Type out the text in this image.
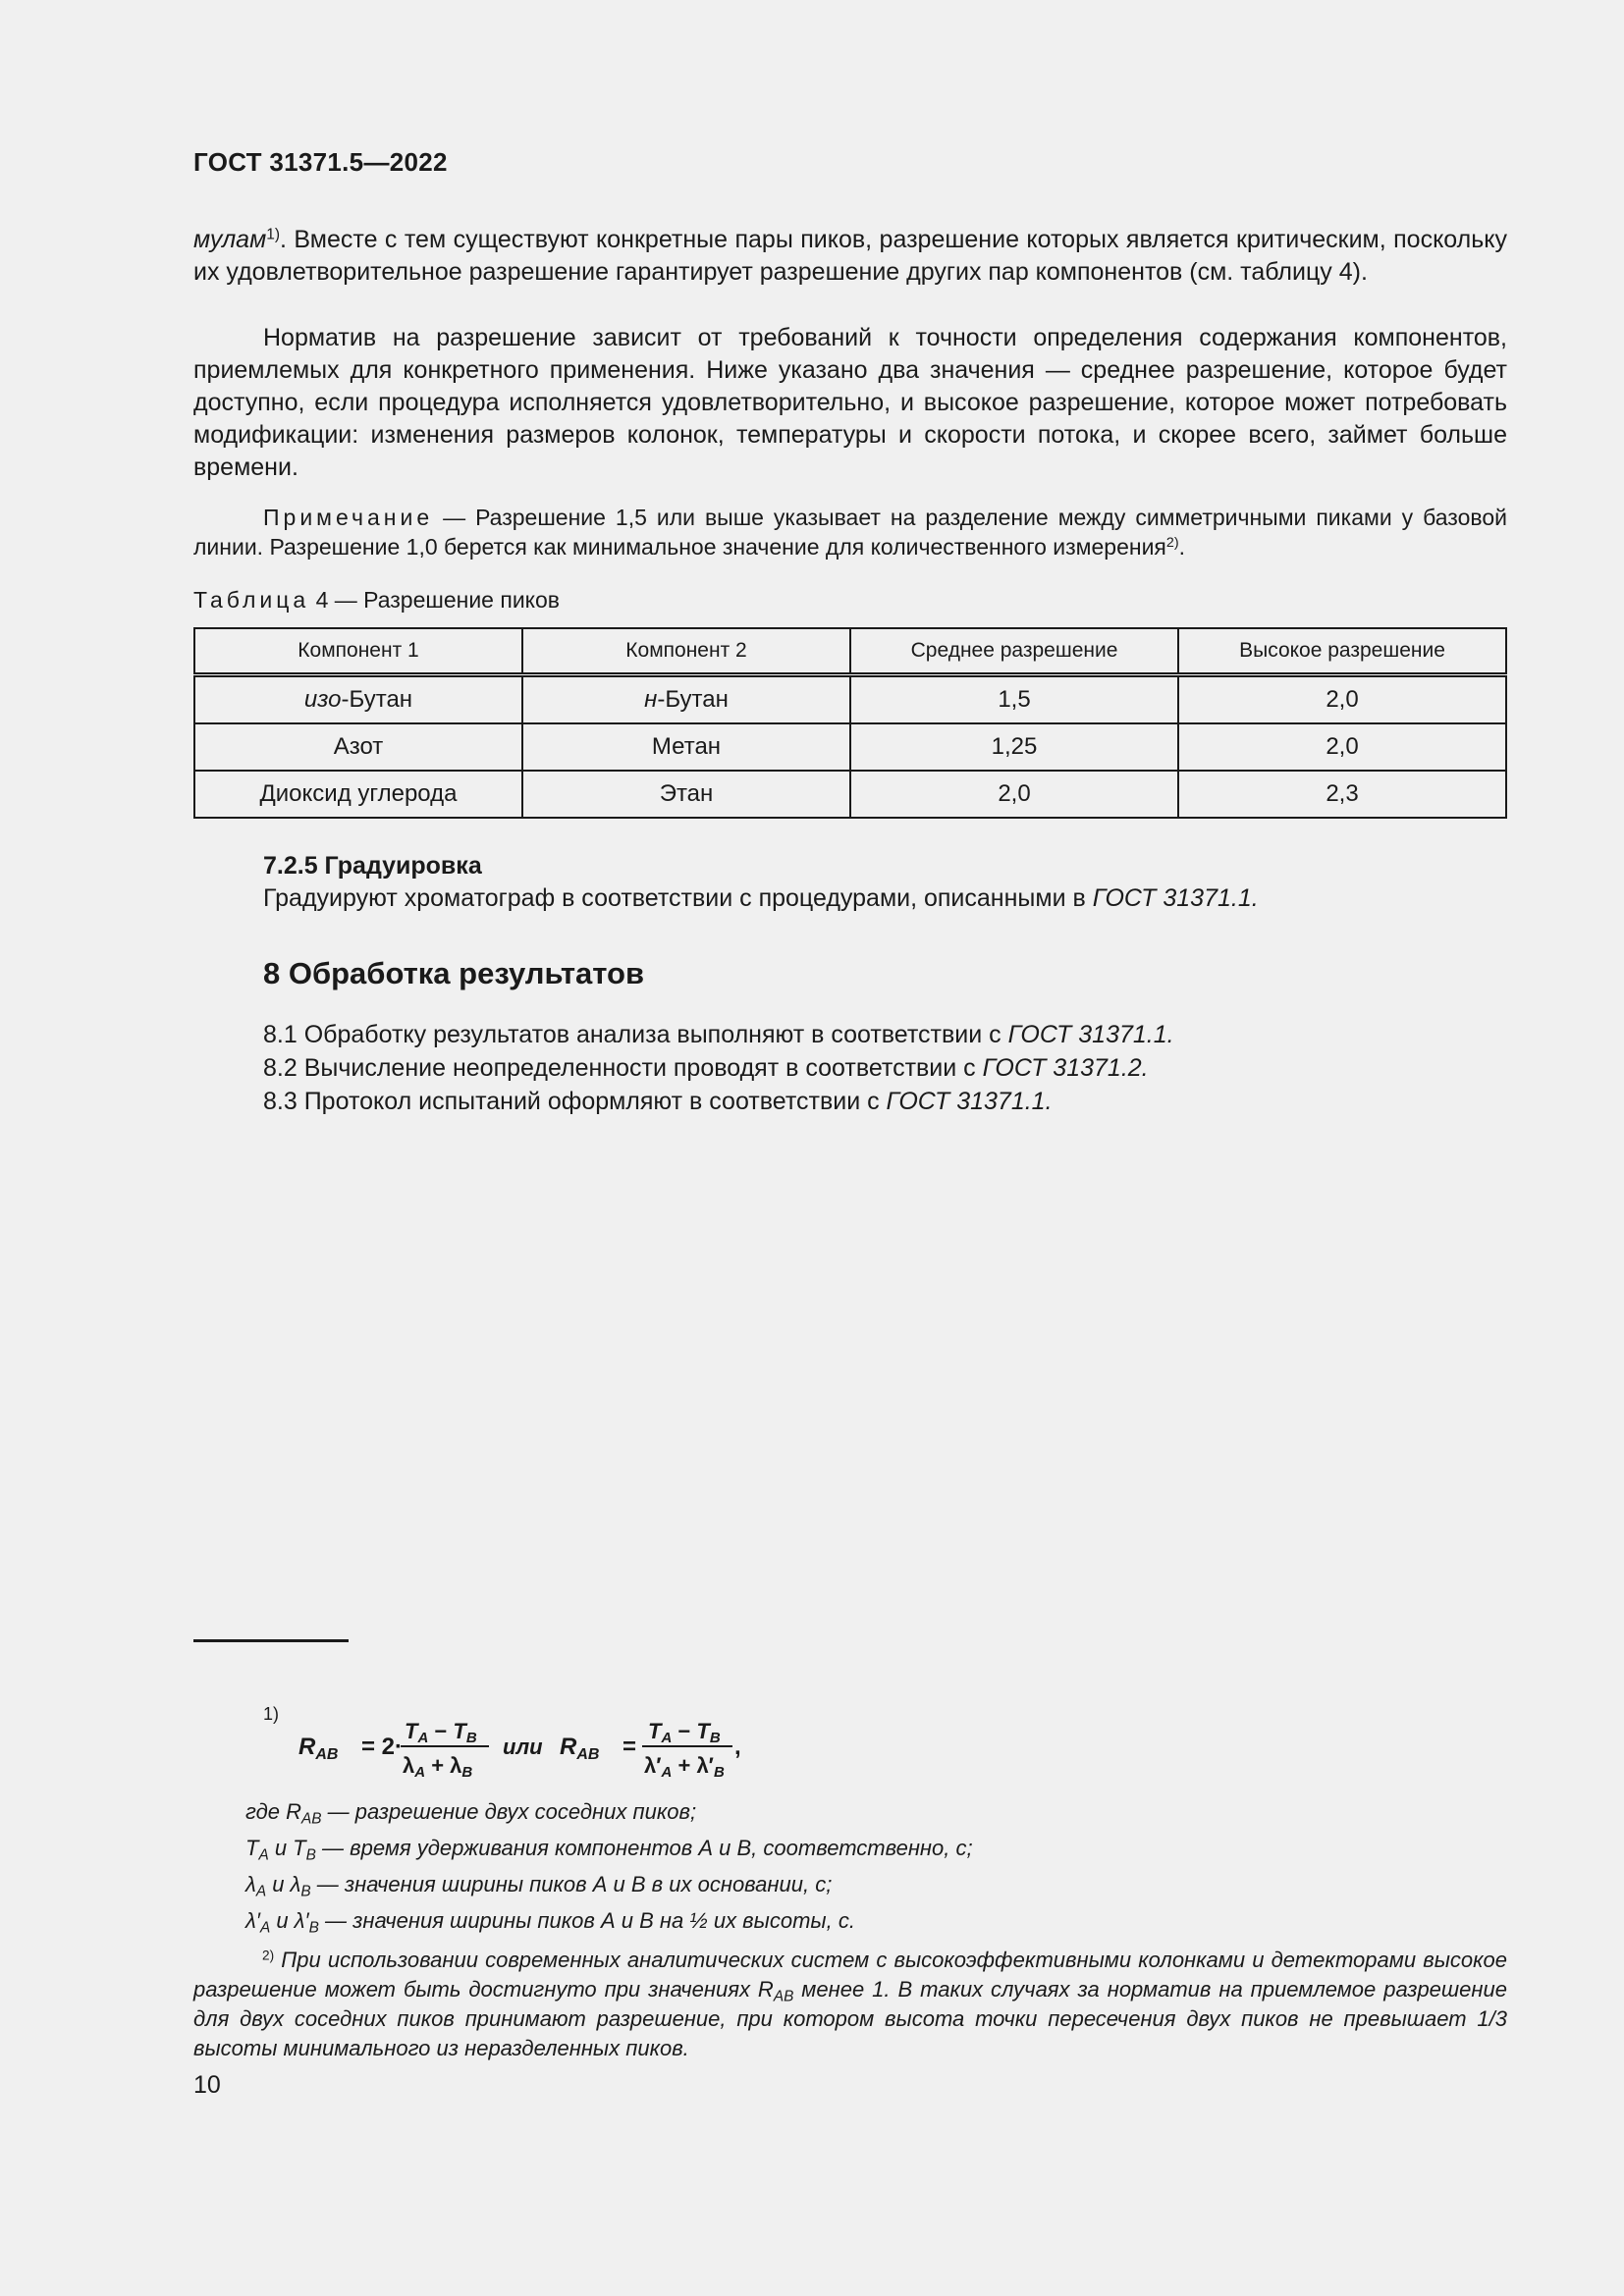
ГОСТ 31371.5—2022

мулам$^{1)}$. Вместе с тем существуют конкретные пары пиков, разрешение которых является критическим, поскольку их удовлетворительное разрешение гарантирует разрешение других пар компонентов (см. таблицу 4).

Норматив на разрешение зависит от требований к точности определения содержания компонентов, приемлемых для конкретного применения. Ниже указано два значения — среднее разрешение, которое будет доступно, если процедура исполняется удовлетворительно, и высокое разрешение, которое может потребовать модификации: изменения размеров колонок, температуры и скорости потока, и скорее всего, займет больше времени.

Примечание — Разрешение 1,5 или выше указывает на разделение между симметричными пиками у базовой линии. Разрешение 1,0 берется как минимальное значение для количественного измерения$^{2)}$.
Таблица 4 — Разрешение пиков
Компонент 1	Компонент 2	Среднее разрешение	Высокое разрешение
изо-Бутан	н-Бутан	1,5	2,0
Азот	Метан	1,25	2,0
Диоксид углерода	Этан	2,0	2,3
7.2.5 Градуировка
Градуируют хроматограф в соответствии с процедурами, описанными в ГОСТ 31371.1.
8 Обработка результатов
8.1 Обработку результатов анализа выполняют в соответствии с ГОСТ 31371.1.
8.2 Вычисление неопределенности проводят в соответствии с ГОСТ 31371.2.
8.3 Протокол испытаний оформляют в соответствии с ГОСТ 31371.1.
1)
$R_{AB} = 2\cdot$
TA − TB
λA + λB
или $R_{AB}$ =
TA − TB
λ′A + λ′B
,
где $R_{AB}$ — разрешение двух соседних пиков;
$T_A$ и $T_B$ — время удерживания компонентов А и В, соответственно, с;
$\lambda_A$ и $\lambda_B$ — значения ширины пиков А и В в их основании, с;
$\lambda'_A$ и $\lambda'_B$ — значения ширины пиков А и В на ½ их высоты, с.
$^{2)}$ При использовании современных аналитических систем с высокоэффективными колонками и детекторами высокое разрешение может быть достигнуто при значениях $R_{AB}$ менее 1. В таких случаях за норматив на приемлемое разрешение для двух соседних пиков принимают разрешение, при котором высота точки пересечения двух пиков не превышает 1/3 высоты минимального из неразделенных пиков.
10
